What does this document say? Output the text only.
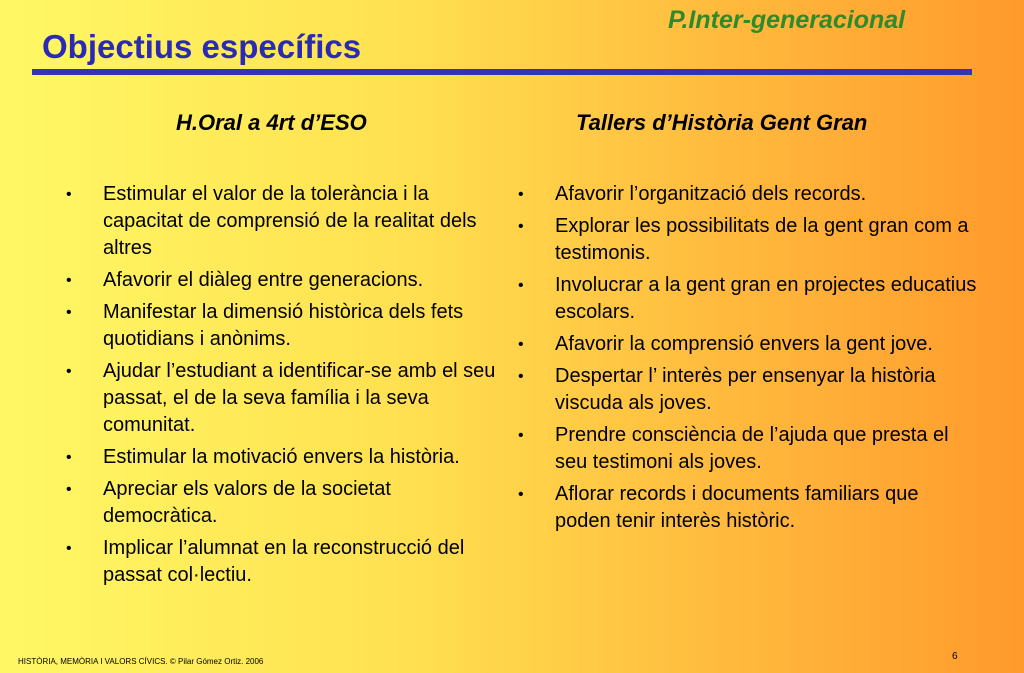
P.Inter-generacional
Objectius específics
H.Oral a 4rt d’ESO	Tallers d’Història Gent Gran
• Estimular el valor de la tolerància i la capacitat de comprensió de la realitat dels altres
• Afavorir el diàleg entre generacions.
• Manifestar la dimensió històrica dels fets quotidians i anònims.
• Ajudar l’estudiant a identificar-se amb el seu passat, el de la seva família i la seva comunitat.
• Estimular la motivació envers la història.
• Apreciar els valors de la societat democràtica.
• Implicar l’alumnat en la reconstrucció del passat col·lectiu.
• Afavorir l’organització dels records.
• Explorar les possibilitats de la gent gran com a testimonis.
• Involucrar a la gent gran en projectes educatius escolars.
• Afavorir la comprensió envers la gent jove.
• Despertar l’ interès per ensenyar la història viscuda als joves.
• Prendre consciència de l’ajuda que presta el seu testimoni als joves.
• Aflorar records i documents familiars que poden tenir interès històric.
HISTÒRIA, MEMÒRIA I VALORS CÍVICS. © Pilar Gómez Ortiz. 2006	6
